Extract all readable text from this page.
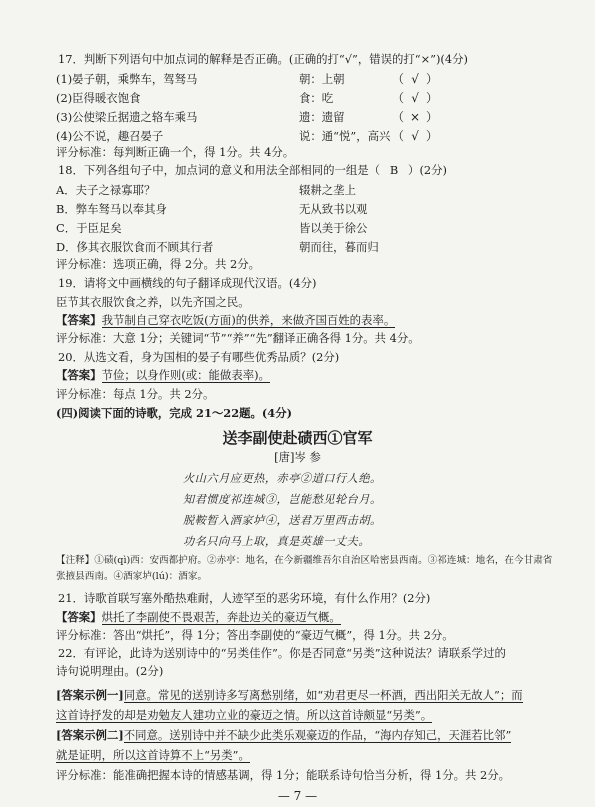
17．判断下列语句中加点词的解释是否正确。(正确的打“√”，错误的打“×”)(4分)
(1)晏子朝，乘弊车，驾驽马	朝：上朝	（ √ ）
(2)臣得暖衣饱食	食：吃	（ √ ）
(3)公使梁丘据遗之辂车乘马	遗：遗留	（ × ）
(4)公不说，趣召晏子	说：通“悦”，高兴 （ √ ）
评分标准：每判断正确一个，得 1分。共 4分。
18．下列各组句子中，加点词的意义和用法全部相同的一组是（ B ）(2分)
A．夫子之禄寡耶？	辍耕之垄上
B．弊车驽马以奉其身	无从致书以观
C．于臣足矣	皆以美于徐公
D．侈其衣服饮食而不顾其行者	朝而往，暮而归
评分标准：选项正确，得 2分。共 2分。
19．请将文中画横线的句子翻译成现代汉语。(4分)
臣节其衣服饮食之养，以先齐国之民。
【答案】我节制自己穿衣吃饭(方面)的供养，来做齐国百姓的表率。
评分标准：大意 1分；关键词“节”“养”“先”翻译正确各得 1分。共 4分。
20．从选文看，身为国相的晏子有哪些优秀品质？(2分)
【答案】节俭；以身作则(或：能做表率)。
评分标准：每点 1分。共 2分。
(四)阅读下面的诗歌，完成 21～22题。(4分)
送李副使赴碛西①官军
[唐]岑 参
火山六月应更热，赤亭②道口行人绝。
知君惯度祁连城③，岂能愁见轮台月。
脱鞍暂入酒家垆④，送君万里西击胡。
功名只向马上取，真是英雄一丈夫。
【注释】①碛(qì)西：安西都护府。②赤亭：地名，在今新疆维吾尔自治区哈密县西南。③祁连城：地名，在今甘肃省张掖县西南。④酒家垆(lú)：酒家。
21．诗歌首联写塞外酷热难耐，人迹罕至的恶劣环境，有什么作用？(2分)
【答案】烘托了李副使不畏艰苦，奔赴边关的豪迈气概。
评分标准：答出“烘托”，得 1分；答出李副使的“豪迈气概”，得 1分。共 2分。
22．有评论，此诗为送别诗中的“另类佳作”。你是否同意“另类”这种说法？请联系学过的
诗句说明理由。(2分)
[答案示例一]同意。常见的送别诗多写离愁别绪，如“劝君更尽一杯酒，西出阳关无故人”；而
这首诗抒发的却是劝勉友人建功立业的豪迈之情。所以这首诗颇显“另类”。
[答案示例二]不同意。送别诗中并不缺少此类乐观豪迈的作品，“海内存知己，天涯若比邻”
就是证明，所以这首诗算不上“另类”。
评分标准：能准确把握本诗的情感基调，得 1分；能联系诗句恰当分析，得 1分。共 2分。
— 7 —
